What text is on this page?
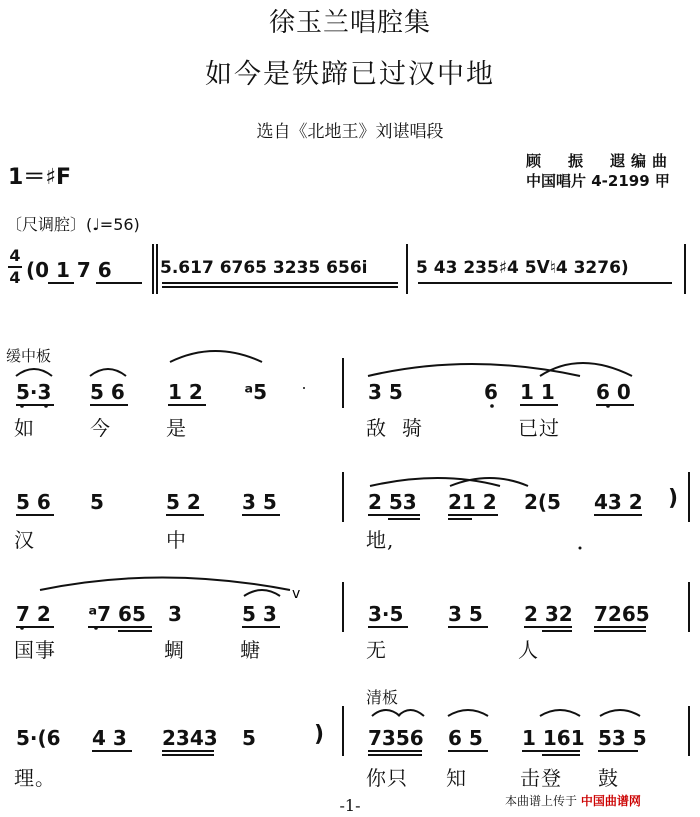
徐玉兰唱腔集
如今是铁蹄已过汉中地
选自《北地王》刘谌唱段
1＝♯F
顾　振　遐编曲
中国唱片 4-2199 甲
〔尺调腔〕(♩=56)
4
4 (0 1 7 6	5.617 6765 3235 656i	5 43 235♯4 5ᐯ♮4 3276)
缓中板
清板
5·3 5 6 1 2 ᵃ5	3 5	6 1 1 6 0
如	今	是	敌 骑	已过
5 6 5	5 2 3 5	2 53 21 2 2(5 43 2 )
汉	中	地,
7 2 ᵃ7 65 3	5 3	3·5 3 5 2 32 7265
国事	蜩	螗	无	人
5·(6 4 3 2343 5	) 7356 6 5 1 161 53 5
理。	你只 知	击登 鼓
v
-1-	本曲谱上传于 中国曲谱网
